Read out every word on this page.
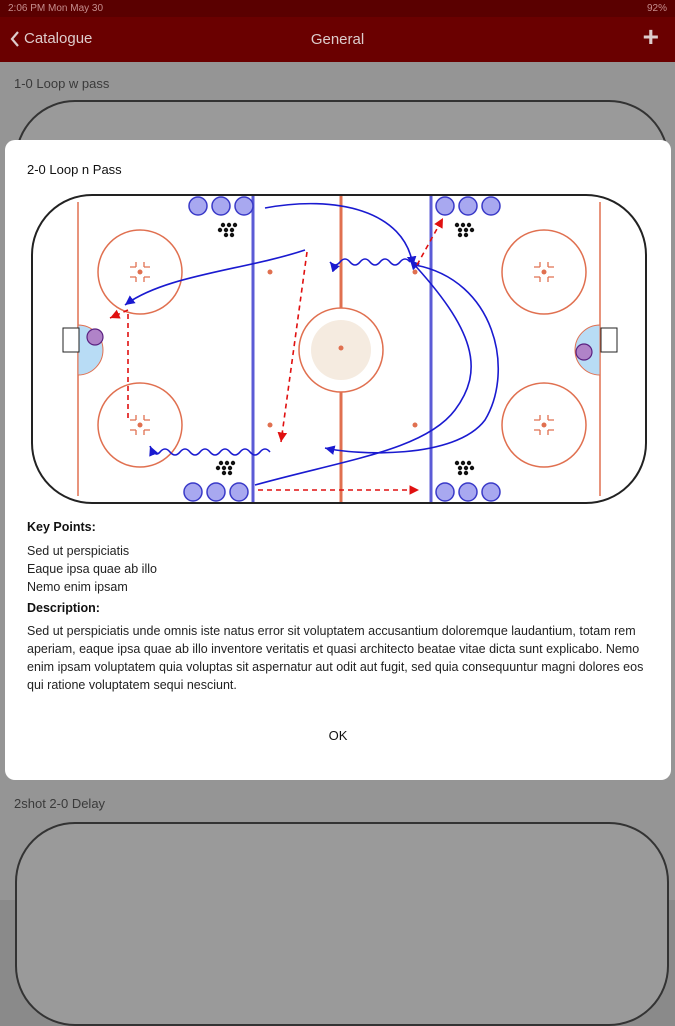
2:06 PM Mon May 30	92%
Catalogue	General	+
1-0 Loop w pass
2shot 2-0 Delay
2-0 Loop n Pass
Key Points:
Sed ut perspiciatis
Eaque ipsa quae ab illo
Nemo enim ipsam
Description:
Sed ut perspiciatis unde omnis iste natus error sit voluptatem accusantium doloremque laudantium, totam rem aperiam, eaque ipsa quae ab illo inventore veritatis et quasi architecto beatae vitae dicta sunt explicabo. Nemo enim ipsam voluptatem quia voluptas sit aspernatur aut odit aut fugit, sed quia consequuntur magni dolores eos qui ratione voluptatem sequi nesciunt.
OK
